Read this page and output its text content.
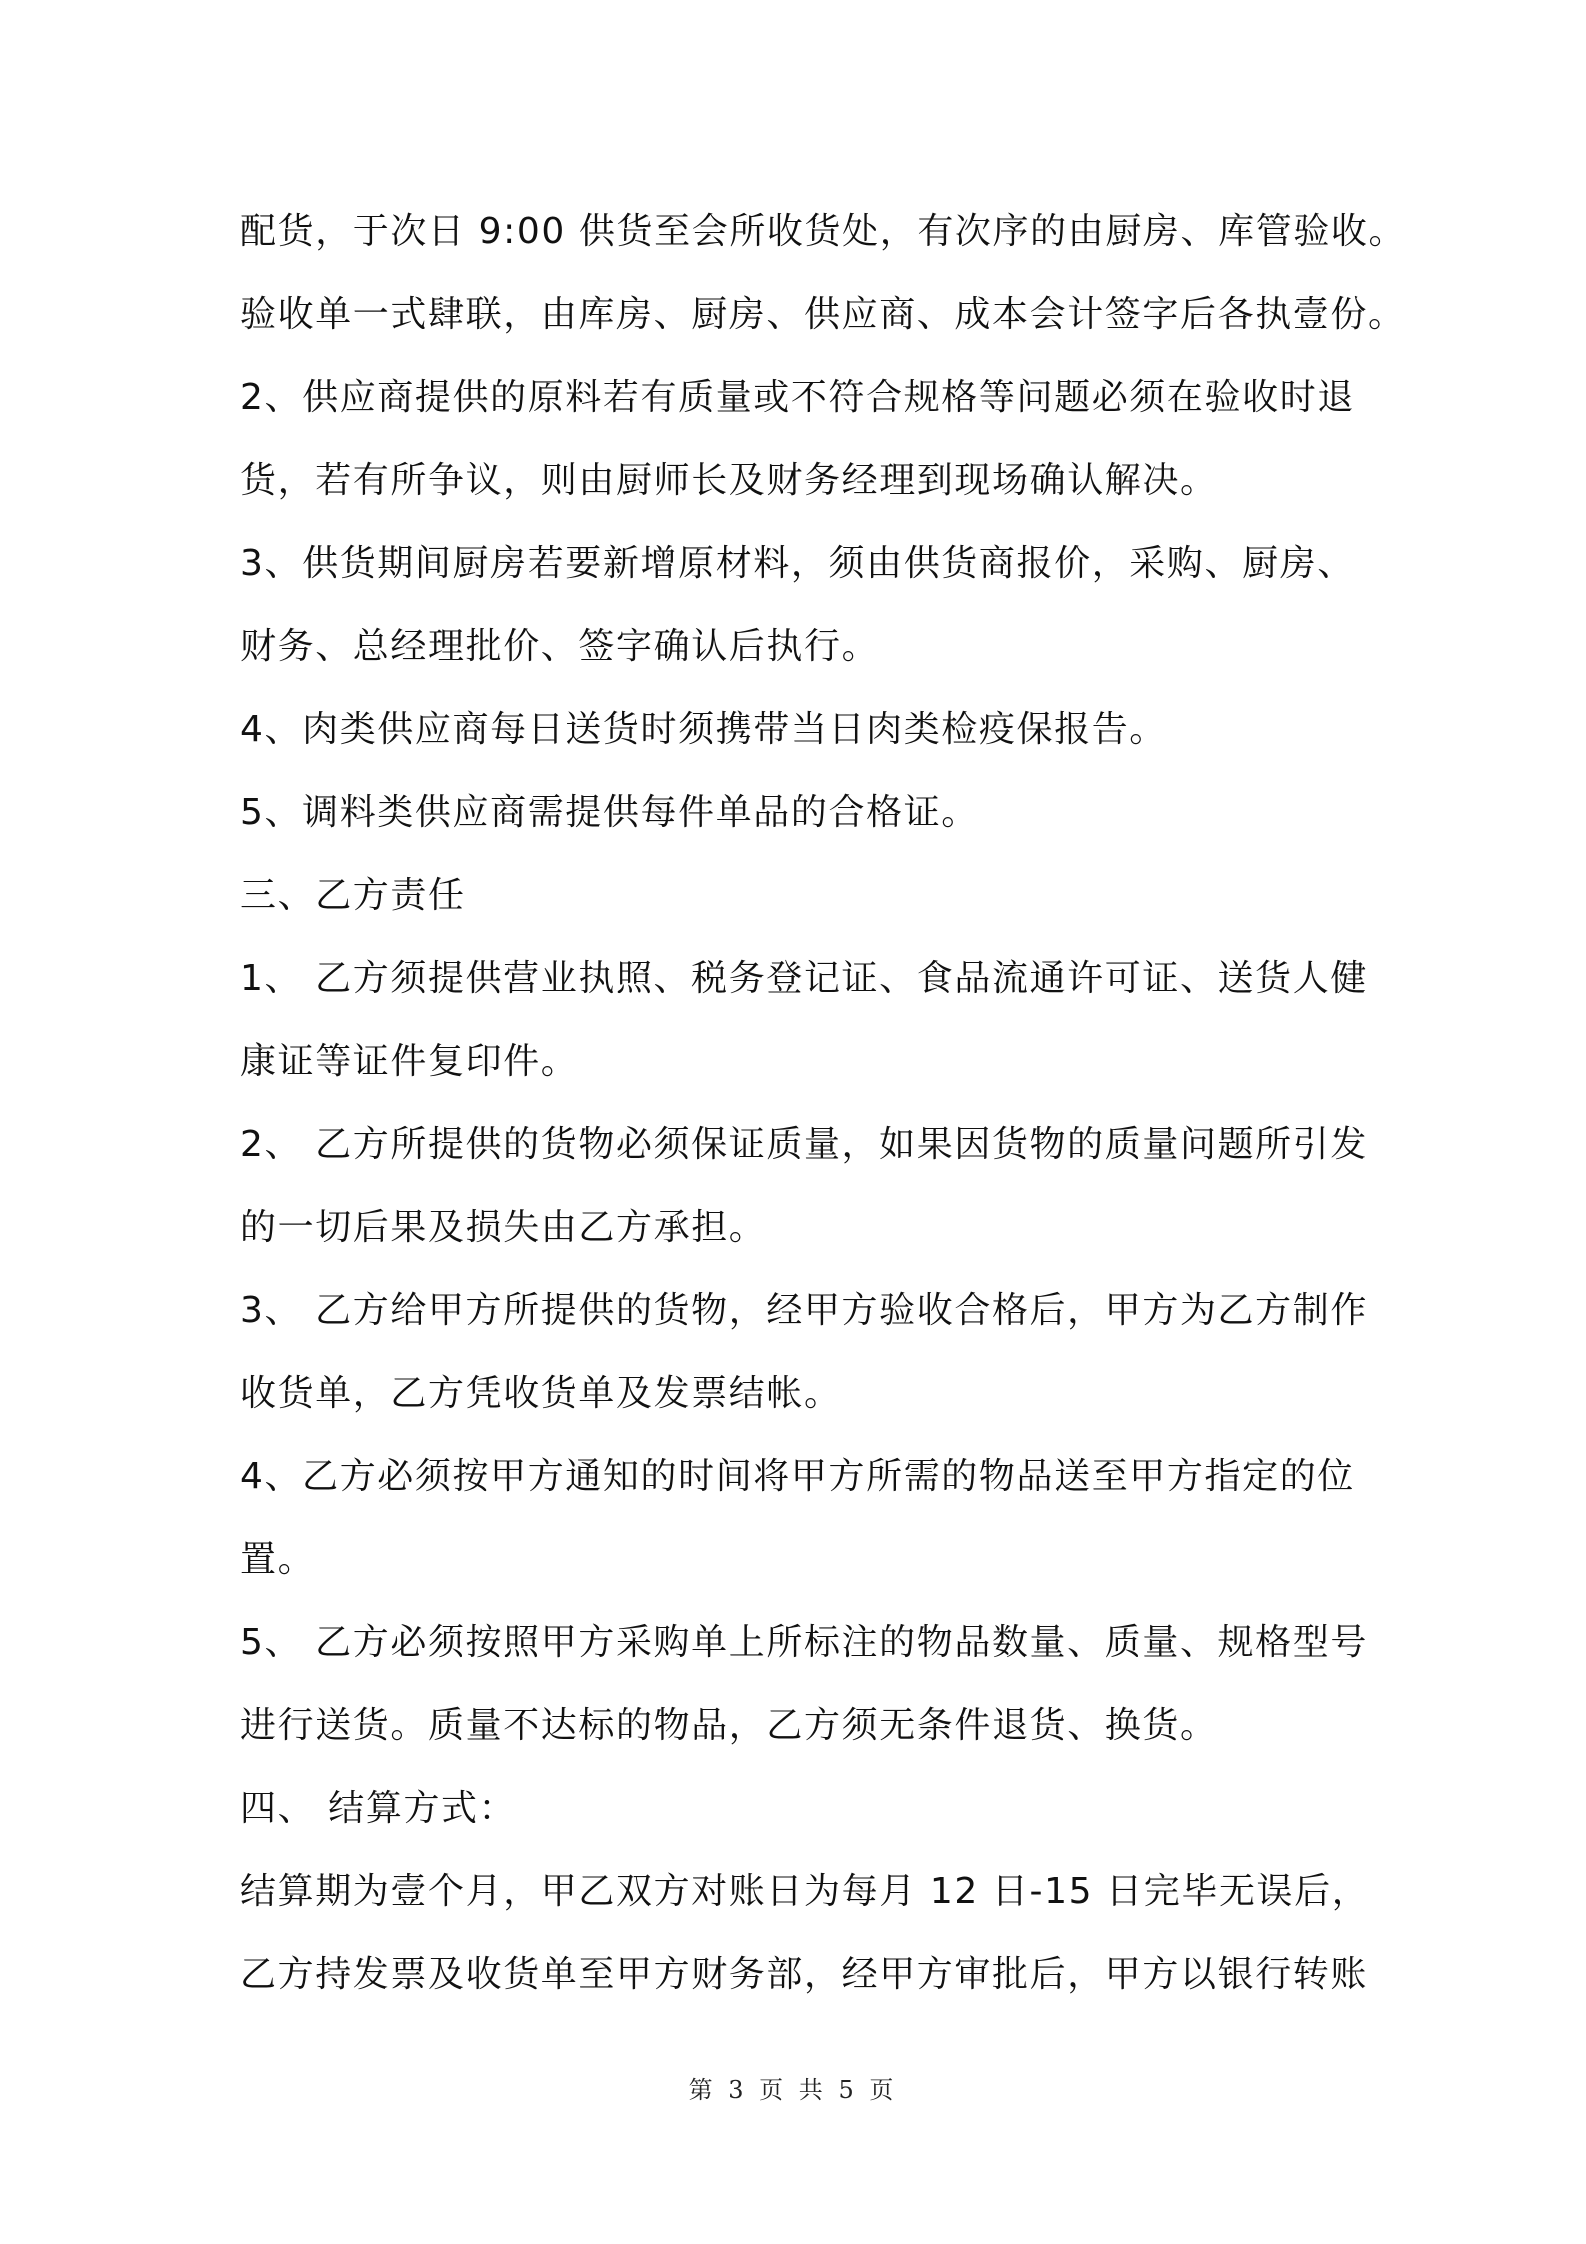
配货，于次日 9:00 供货至会所收货处，有次序的由厨房、库管验收。
验收单一式肆联，由库房、厨房、供应商、成本会计签字后各执壹份。
2、供应商提供的原料若有质量或不符合规格等问题必须在验收时退
货，若有所争议，则由厨师长及财务经理到现场确认解决。
3、供货期间厨房若要新增原材料，须由供货商报价，采购、厨房、
财务、总经理批价、签字确认后执行。
4、肉类供应商每日送货时须携带当日肉类检疫保报告。
5、调料类供应商需提供每件单品的合格证。
三、乙方责任
1、 乙方须提供营业执照、税务登记证、食品流通许可证、送货人健
康证等证件复印件。
2、 乙方所提供的货物必须保证质量，如果因货物的质量问题所引发
的一切后果及损失由乙方承担。
3、 乙方给甲方所提供的货物，经甲方验收合格后，甲方为乙方制作
收货单，乙方凭收货单及发票结帐。
4、乙方必须按甲方通知的时间将甲方所需的物品送至甲方指定的位
置。
5、 乙方必须按照甲方采购单上所标注的物品数量、质量、规格型号
进行送货。质量不达标的物品，乙方须无条件退货、换货。
四、 结算方式：
结算期为壹个月，甲乙双方对账日为每月 12 日-15 日完毕无误后，
乙方持发票及收货单至甲方财务部，经甲方审批后，甲方以银行转账
第 3 页 共 5 页
